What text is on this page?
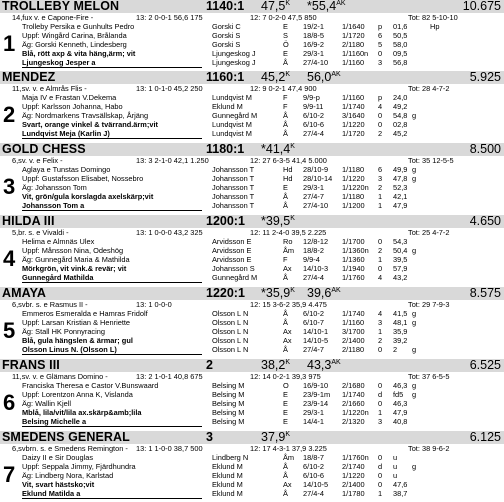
TROLLEBY MELON	1140:1 $47,5^K$ $*55,4^{AK}$	10.675
1
14,fux v. e Capone-Fire -
Trolleby Persika e Gunhults Pedro
Uppf: Wingård Carina, Brålanda
Äg: Gorski Kenneth, Lindesberg
Blå, rött axp & vita häng,ärm; vit
Ljungeskog Jesper a
13: 2 0-0-1 56,6 175	12: 7 0-2-0 47,5 850	Tot: 82 5-10-10
Gorski C	E 19/2-1 1/1640 p 01,6	Hp
Gorski S	S 18/8-5 1/1720 6 50,5
Gorski S	Ö 16/9-2 2/1180 5 58,0
Ljungeskog J	E 29/3-1 1/1160n 0 09,5
Ljungeskog J	Å 27/4-10 1/1160 3 56,8
MENDEZ	1160:1 $45,2^K$ $56,0^{AK}$	5.925
2
11,sv. v. e Almrås Flis -
Maja IV e Frastan V.Dekema
Uppf: Karlsson Johanna, Habo
Äg: Nordmarkens Travsällskap, Årjäng
Svart, orange vinkel & tvärrand.ärm;vit
Lundqvist Meja (Karlin J)
13: 1 0-1-0 45,2 250	12: 9 0-2-1 47,4 900	Tot: 28 4-7-2
Lundqvist M	F 9/9-p	1/1160 p 24,0
Eklund M	F 9/9-11	1/1740 4 49,2
Gunnegård M	Å 6/10-2 3/1640 0 54,8 g
Lundqvist M	Å 6/10-6 1/1220 0 02,8
Lundqvist M	Å 27/4-4 1/1720 2 45,2
GOLD CHESS	1180:1 $*41,4^K$	8.500
3
6,sv. v. e Felix -
Aglaya e Tunstas Domingo
Uppf: Gustafsson Elisabet, Nossebro
Äg: Johansson Tom
Vit, grön/gula korslagda axelskärp;vit
Johansson Tom a
13: 3 2-1-0 42,1 1.250	12: 27 6-3-5 41,4 5.000	Tot: 35 12-5-5
Johansson T	Hd 28/10-9 1/1180 6 49,9 g
Johansson T	Hd 28/10-14 1/1220 3 47,8 g
Johansson T	E 29/3-1 1/1220n 2 52,3
Johansson T	Å 27/4-7 1/1180 1 42,1
Johansson T	Å 27/4-10 1/1200 1 47,9
HILDA III	1200:1 $*39,5^K$	4.650
4
5,br. s. e Vivaldi -
Helima e Almnäs Ulex
Uppf: Månsson Nina, Odeshög
Äg: Gunnegård Maria & Mathilda
Mörkgrön, vit vink.& revär; vit
Gunnegård Mathilda
13: 1 0-0-0 43,2 325	12: 11 2-4-0 39,5 2.225	Tot: 25 4-7-2
Arvidsson E	Ro 12/8-12 1/1700 0 54,3
Arvidsson E	Åm 18/8-2 1/1360n 2 50,4 g
Arvidsson E	F 9/9-4	1/1360 1 39,5
Johansson S	Ax 14/10-3 1/1940 0 57,9
Gunnegård M	Å 27/4-4 1/1760 4 43,2
AMAYA	1220:1 $*35,9^K$ $39,6^{AK}$	8.575
5
6,svbr. s. e Rasmus II -
Emmeros Esmeralda e Hamras Fridolf
Uppf: Larsan Kristian & Henriette
Äg: Stall HK Ponnyracing
Blå, gula hängslen & ärmar; gul
Olsson Linus N. (Olsson L)
13: 1 0-0-0	12: 15 3-6-2 35,9 4.475	Tot: 29 7-9-3
Olsson L N	Å 6/10-2 1/1740 4 41,5 g
Olsson L N	Å 6/10-7 1/1160 3 48,1 g
Olsson L N	Ax 14/10-1 3/1700 1 35,9
Olsson L N	Ax 14/10-5 2/1400 2 39,2
Olsson L N	Å 27/4-7 2/1180 0 2 g
FRANS III	2	$38,2^K$ $43,3^{AK}$	6.525
6
11,sv. v. e Glämans Domino -
Franciska Theresa e Castor V.Bunswaard
Uppf: Lorentzon Anna K, Vislanda
Äg: Wallin Kjell
Mblå, lila/vit/lila ax.skärp&amb;lila
Belsing Michelle a
13: 2 1-0-1 40,8 675	12: 14 0-2-1 39,3 975	Tot: 37 6-5-5
Belsing M	O 16/9-10 2/1680 0 46,3 g
Belsing M	E 23/9-1m 1/1740 d fd5 g
Belsing M	E 23/9-14 2/1660 0 46,3
Belsing M	E 29/3-1 1/1220n 1 47,9
Belsing M	E 14/4-1 2/1320 3 40,8
SMEDENS GENERAL	3	$37,9^K$	6.125
7
6,svbrn. s. e Smedens Remington -
Daizy II e Sir Douglas
Uppf: Seppala Jimmy, Fjärdhundra
Äg: Lindberg Nora, Karlstad
Vit, svart hästsko;vit
Eklund Matilda a
13: 1 1-0-0 38,7 500	12: 17 4-3-1 37,9 3.225	Tot: 38 9-6-2
Lindberg N	Åm 18/8-7 1/1760n 0 u
Eklund M	Å 6/10-2 2/1740 d u g
Eklund M	Å 6/10-6 1/1220 0 u
Eklund M	Ax 14/10-5 2/1400 0 47,6
Eklund M	Å 27/4-4 1/1780 1 38,7
